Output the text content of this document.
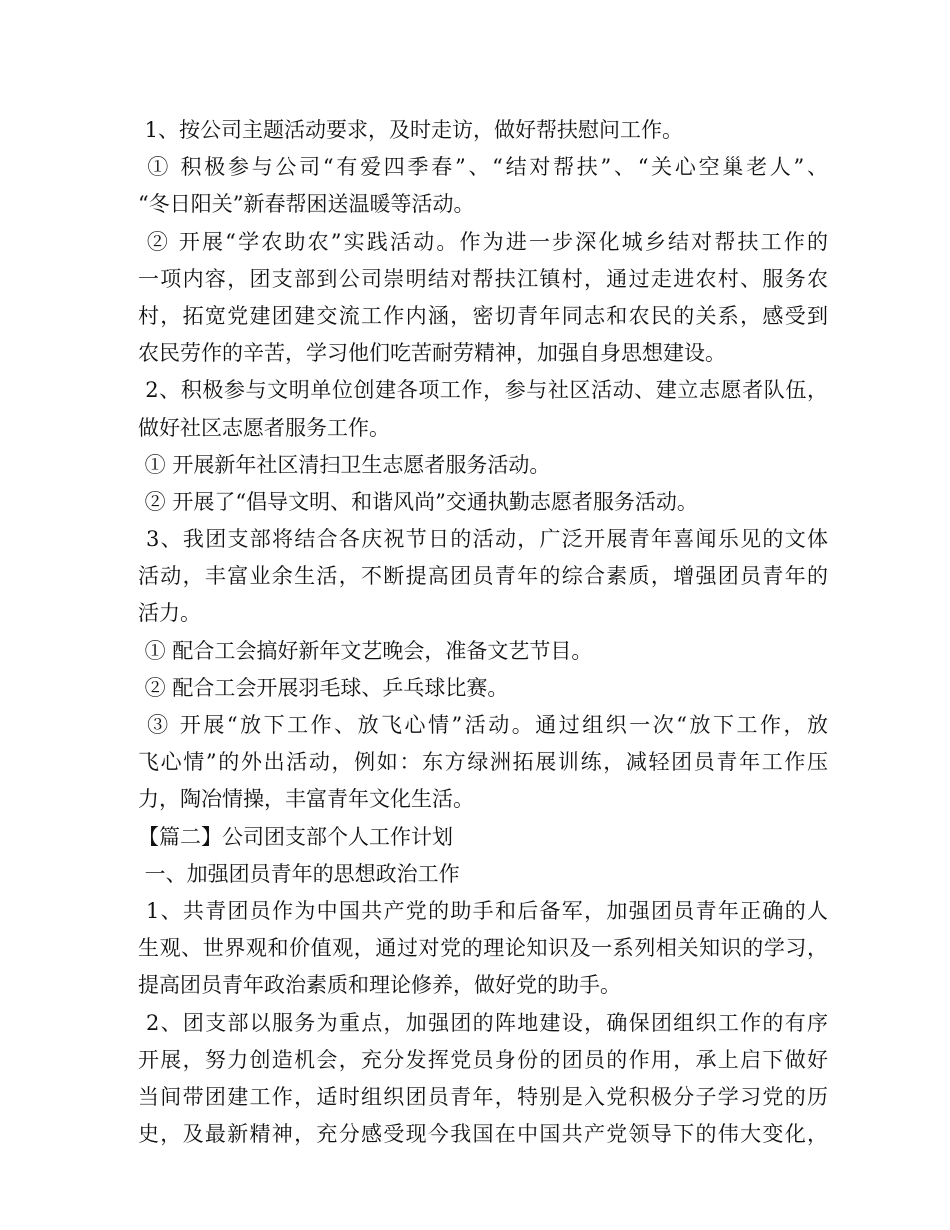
1、按公司主题活动要求，及时走访，做好帮扶慰问工作。
① 积极参与公司“有爱四季春”、“结对帮扶”、“关心空巢老人”、
“冬日阳关”新春帮困送温暖等活动。
② 开展“学农助农”实践活动。作为进一步深化城乡结对帮扶工作的
一项内容，团支部到公司崇明结对帮扶江镇村，通过走进农村、服务农
村，拓宽党建团建交流工作内涵，密切青年同志和农民的关系，感受到
农民劳作的辛苦，学习他们吃苦耐劳精神，加强自身思想建设。
2、积极参与文明单位创建各项工作，参与社区活动、建立志愿者队伍，
做好社区志愿者服务工作。
① 开展新年社区清扫卫生志愿者服务活动。
② 开展了“倡导文明、和谐风尚”交通执勤志愿者服务活动。
3、我团支部将结合各庆祝节日的活动，广泛开展青年喜闻乐见的文体
活动，丰富业余生活，不断提高团员青年的综合素质，增强团员青年的
活力。
① 配合工会搞好新年文艺晚会，准备文艺节目。
② 配合工会开展羽毛球、乒乓球比赛。
③ 开展“放下工作、放飞心情”活动。通过组织一次“放下工作，放
飞心情”的外出活动，例如：东方绿洲拓展训练，减轻团员青年工作压
力，陶冶情操，丰富青年文化生活。
【篇二】公司团支部个人工作计划
一、加强团员青年的思想政治工作
1、共青团员作为中国共产党的助手和后备军，加强团员青年正确的人
生观、世界观和价值观，通过对党的理论知识及一系列相关知识的学习，
提高团员青年政治素质和理论修养，做好党的助手。
2、团支部以服务为重点，加强团的阵地建设，确保团组织工作的有序
开展，努力创造机会，充分发挥党员身份的团员的作用，承上启下做好
当间带团建工作，适时组织团员青年，特别是入党积极分子学习党的历
史，及最新精神，充分感受现今我国在中国共产党领导下的伟大变化，
